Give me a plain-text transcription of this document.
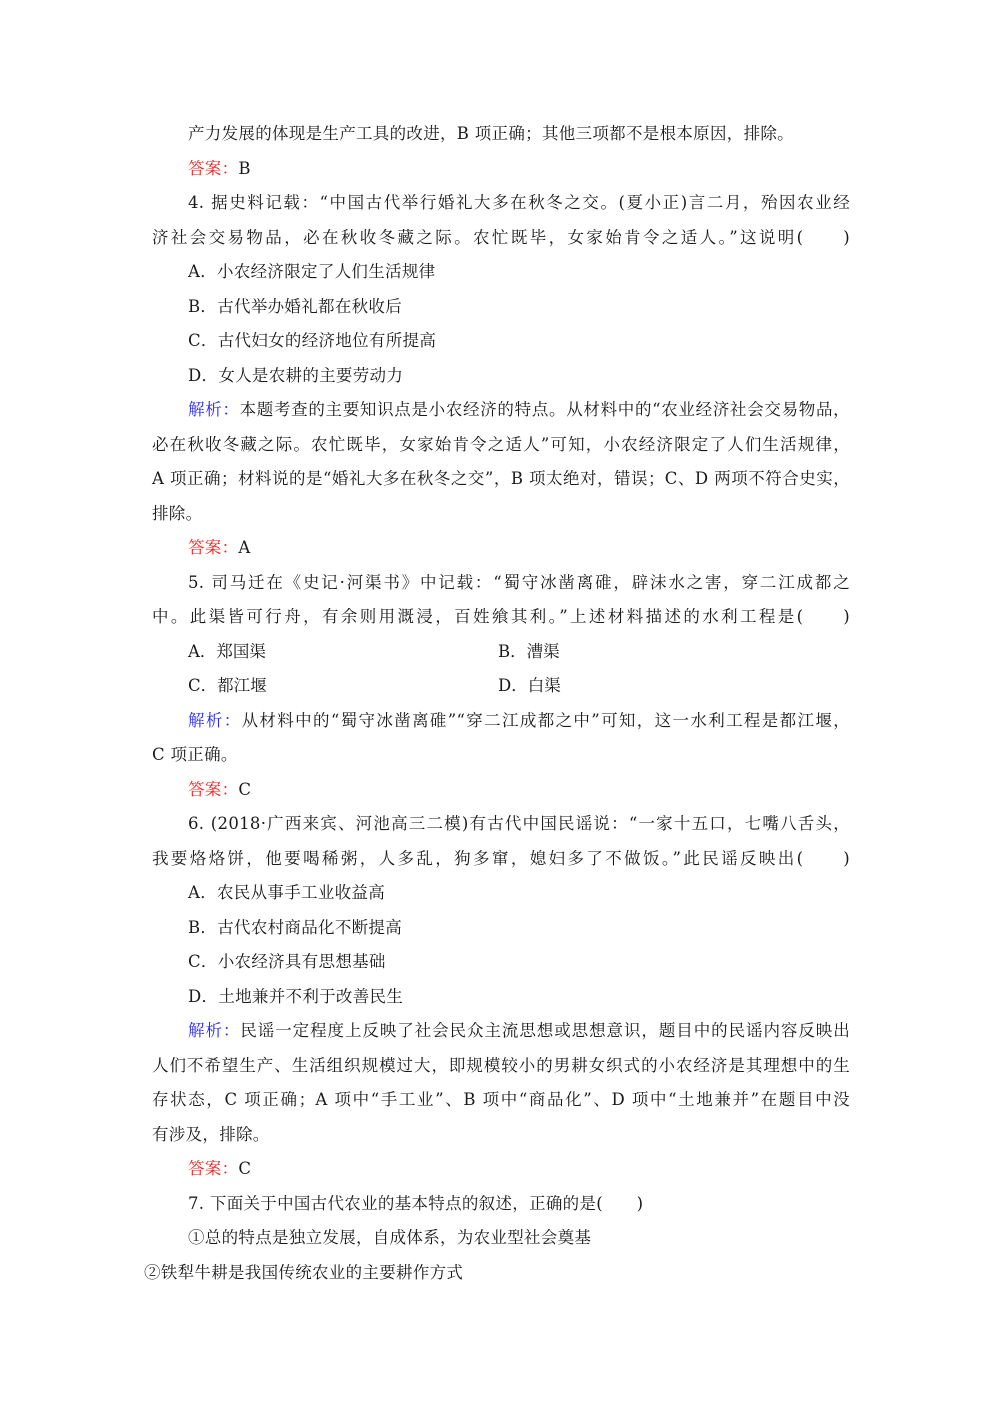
产力发展的体现是生产工具的改进，B 项正确；其他三项都不是根本原因，排除。
答案：B
4. 据史料记载：“中国古代举行婚礼大多在秋冬之交。(夏小正)言二月，殆因农业经
济社会交易物品，必在秋收冬藏之际。农忙既毕，女家始肯令之适人。”这说明(　　)
A．小农经济限定了人们生活规律
B．古代举办婚礼都在秋收后
C．古代妇女的经济地位有所提高
D．女人是农耕的主要劳动力
解析：本题考查的主要知识点是小农经济的特点。从材料中的“农业经济社会交易物品，
必在秋收冬藏之际。农忙既毕，女家始肯令之适人”可知，小农经济限定了人们生活规律，
A 项正确；材料说的是“婚礼大多在秋冬之交”，B 项太绝对，错误；C、D 两项不符合史实，
排除。
答案：A
5. 司马迁在《史记·河渠书》中记载：“蜀守冰凿离碓，辟沫水之害，穿二江成都之
中。此渠皆可行舟，有余则用溉浸，百姓飨其利。”上述材料描述的水利工程是(　　)
A．郑国渠	B．漕渠
C．都江堰	D．白渠
解析：从材料中的“蜀守冰凿离碓”“穿二江成都之中”可知，这一水利工程是都江堰，
C 项正确。
答案：C
6. (2018·广西来宾、河池高三二模)有古代中国民谣说：“一家十五口，七嘴八舌头，
我要烙烙饼，他要喝稀粥，人多乱，狗多窜，媳妇多了不做饭。”此民谣反映出(　　)
A．农民从事手工业收益高
B．古代农村商品化不断提高
C．小农经济具有思想基础
D．土地兼并不利于改善民生
解析：民谣一定程度上反映了社会民众主流思想或思想意识，题目中的民谣内容反映出
人们不希望生产、生活组织规模过大，即规模较小的男耕女织式的小农经济是其理想中的生
存状态，C 项正确；A 项中“手工业”、B 项中“商品化”、D 项中“土地兼并”在题目中没
有涉及，排除。
答案：C
7. 下面关于中国古代农业的基本特点的叙述，正确的是(　　)
①总的特点是独立发展，自成体系，为农业型社会奠基
②铁犁牛耕是我国传统农业的主要耕作方式
